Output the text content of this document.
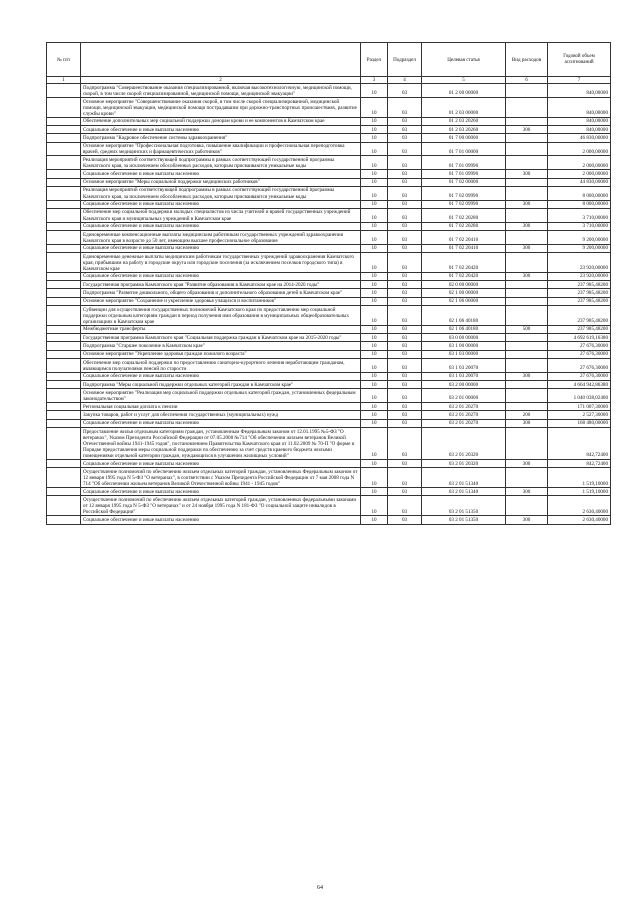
№ п/п		Раздел	Подраздел	Целевая статья	Вид расходов	Годовой объем ассигнований
1	2	3	4	5	6	7
	Подпрограмма "Совершенствование оказания специализированной, включая высокотехнологичную, медицинской помощи, скорой, в том числе скорой специализированной, медицинской помощи, медицинской эвакуации"	10	03	01 2 00 00000		840,00000
	Основное мероприятие "Совершенствование оказания скорой, в том числе скорой специализированной, медицинской помощи, медицинской эвакуации, медицинской помощи пострадавшим при дорожно-транспортных происшествиях, развитие службы крови"	10	03	01 2 03 00000		840,00000
	Обеспечение дополнительных мер социальной поддержки донорам крови и ее компонентов в Камчатском крае	10	03	01 2 03 20260		840,00000
	Социальное обеспечение и иные выплаты населению	10	03	01 2 03 20260	300	840,00000
	Подпрограмма "Кадровое обеспечение системы здравоохранения"	10	03	01 7 00 00000		46 830,00000
	Основное мероприятие "Профессиональная подготовка, повышение квалификации и профессиональная переподготовка врачей, средних медицинских и фармацевтических работников"	10	03	01 7 01 00000		2 000,00000
	Реализация мероприятий соответствующей подпрограммы в рамках соответствующей государственной программы Камчатского края, за исключением обособленных расходов, которым присваиваются уникальные коды	10	03	01 7 01 09990		2 000,00000
	Социальное обеспечение и иные выплаты населению	10	03	01 7 01 09990	300	2 000,00000
	Основное мероприятие "Меры социальной поддержки медицинских работников"	10	03	01 7 02 00000		44 830,00000
	Реализация мероприятий соответствующей подпрограммы в рамках соответствующей государственной программы Камчатского края, за исключением обособленных расходов, которым присваиваются уникальные коды	10	03	01 7 02 09990		8 000,00000
	Социальное обеспечение и иные выплаты населению	10	03	01 7 02 09990	300	8 000,00000
	Обеспечение мер социальной поддержки молодых специалистов из числа учителей и врачей государственных учреждений Камчатского края и муниципальных учреждений в Камчатском крае	10	03	01 7 02 20280		3 710,00000
	Социальное обеспечение и иные выплаты населению	10	03	01 7 02 20280	300	3 710,00000
	Единовременные компенсационные выплаты медицинским работникам государственных учреждений здравоохранения Камчатского края в возрасте до 50 лет, имеющим высшее профессиональное образование	10	03	01 7 02 20410		9 200,00000
	Социальное обеспечение и иные выплаты населению	10	03	01 7 02 20410	300	9 200,00000
	Единовременные денежные выплаты медицинским работникам государственных учреждений здравоохранения Камчатского края, прибывшим на работу в городские округа или городские поселения (за исключением поселков городского типа) в Камчатском крае	10	03	01 7 02 20420		23 920,00000
	Социальное обеспечение и иные выплаты населению	10	03	01 7 02 20420	300	23 920,00000
	Государственная программа Камчатского края "Развитие образования в Камчатском крае на 2014-2020 годы"	10	03	02 0 00 00000		237 985,48200
	Подпрограмма "Развитие дошкольного, общего образования и дополнительного образования детей в Камчатском крае"	10	03	02 1 00 00000		237 985,48200
	Основное мероприятие "Сохранение и укрепление здоровья учащихся и воспитанников"	10	03	02 1 06 00000		237 985,48200
	Субвенции для осуществления государственных полномочий Камчатского края по предоставлению мер социальной поддержки отдельным категориям граждан в период получения ими образования в муниципальных общеобразовательных организациях в Камчатском крае	10	03	02 1 06 40180		237 985,48200
	Межбюджетные трансферты	10	03	02 1 06 40180	500	237 985,48200
	Государственная программа Камчатского края "Социальная поддержка граждан в Камчатском крае на 2015-2020 годы"	10	03	03 0 00 00000		4 692 619,16380
	Подпрограмма "Старшее поколение в Камчатском крае"	10	03	03 1 00 00000		27 676,30000
	Основное мероприятие "Укрепление здоровья граждан пожилого возраста"	10	03	03 1 03 00000		27 676,30000
	Обеспечение мер социальной поддержки по предоставлению санаторно-курортного лечения неработающим гражданам, являющимся получателями пенсий по старости	10	03	03 1 03 20070		27 676,30000
	Социальное обеспечение и иные выплаты населению	10	03	03 1 03 20070	300	27 676,30000
	Подпрограмма "Меры социальной поддержки отдельных категорий граждан в Камчатском крае"	10	03	03 2 00 00000		4 664 942,86380
	Основное мероприятие "Реализация мер социальной поддержки отдельных категорий граждан, установленных федеральным законодательством"	10	03	03 2 01 00000		1 040 038,02400
	Региональная социальная доплата к пенсии	10	03	03 2 01 20270		171 007,30000
	Закупка товаров, работ и услуг для обеспечения государственных (муниципальных) нужд	10	03	03 2 01 20270	200	2 527,30000
	Социальное обеспечение и иные выплаты населению	10	03	03 2 01 20270	300	168 480,00000
	Предоставление жилья отдельным категориям граждан, установленным Федеральным законом от 12.01.1995 №5-ФЗ "О ветеранах", Указом Президента Российской Федерации от 07.05.2008 №714 "Об обеспечении жильем ветеранов Великой Отечественной войны 1941-1945 годов", постановлением Правительства Камчатского края от 11.02.2009 № 70-П "О форме и Порядке предоставления меры социальной поддержки по обеспечению за счет средств краевого бюджета жилыми помещениями отдельной категории граждан, нуждающихся в улучшении жилищных условий"	10	03	03 2 01 20320		842,72400
	Социальное обеспечение и иные выплаты населению	10	03	03 2 01 20320	300	842,72400
	Осуществление полномочий по обеспечению жильем отдельных категорий граждан, установленных Федеральным законом от 12 января 1995 года N 5-ФЗ "О ветеранах", в соответствии с Указом Президента Российской Федерации от 7 мая 2008 года N 714 "Об обеспечении жильем ветеранов Великой Отечественной войны 1941 - 1945 годов"	10	03	03 2 01 51340		1 519,10000
	Социальное обеспечение и иные выплаты населению	10	03	03 2 01 51340	300	1 519,10000
	Осуществление полномочий по обеспечению жильем отдельных категорий граждан, установленных федеральными законами от 12 января 1995 года N 5-ФЗ "О ветеранах" и от 24 ноября 1995 года N 181-ФЗ "О социальной защите инвалидов в Российской Федерации"	10	03	03 2 01 51350		2 630,40000
	Социальное обеспечение и иные выплаты населению	10	03	03 2 01 51350	300	2 630,40000
64
